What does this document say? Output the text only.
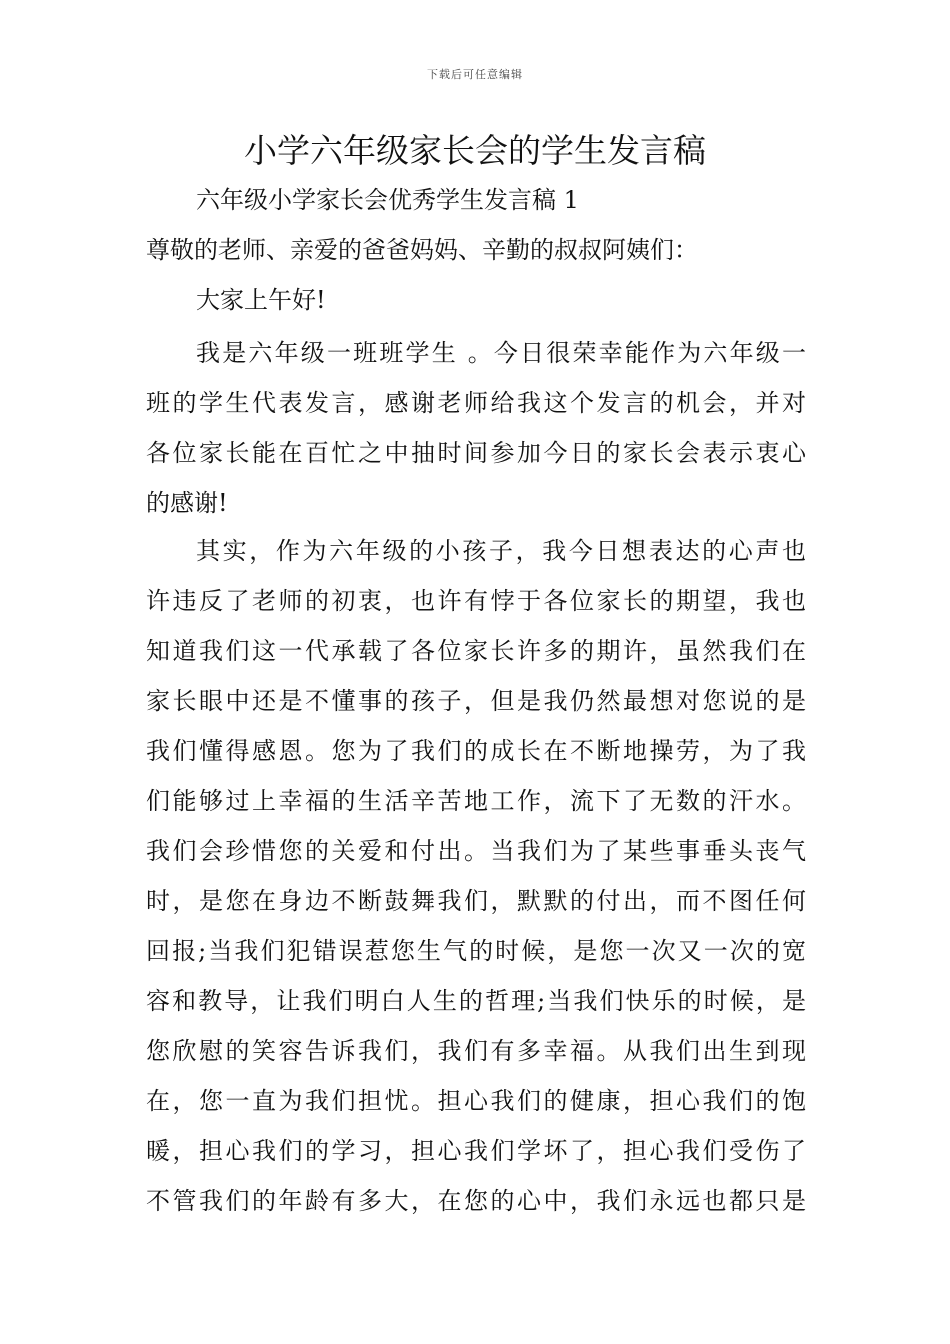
下载后可任意编辑
小学六年级家长会的学生发言稿
六年级小学家长会优秀学生发言稿 1
尊敬的老师、亲爱的爸爸妈妈、辛勤的叔叔阿姨们：
大家上午好!
我是六年级一班班学生 。今日很荣幸能作为六年级一
班的学生代表发言，感谢老师给我这个发言的机会，并对
各位家长能在百忙之中抽时间参加今日的家长会表示衷心
的感谢!
其实，作为六年级的小孩子，我今日想表达的心声也
许违反了老师的初衷，也许有悖于各位家长的期望，我也
知道我们这一代承载了各位家长许多的期许，虽然我们在
家长眼中还是不懂事的孩子，但是我仍然最想对您说的是
我们懂得感恩。您为了我们的成长在不断地操劳，为了我
们能够过上幸福的生活辛苦地工作，流下了无数的汗水。
我们会珍惜您的关爱和付出。当我们为了某些事垂头丧气
时，是您在身边不断鼓舞我们，默默的付出，而不图任何
回报;当我们犯错误惹您生气的时候，是您一次又一次的宽
容和教导，让我们明白人生的哲理;当我们快乐的时候，是
您欣慰的笑容告诉我们，我们有多幸福。从我们出生到现
在，您一直为我们担忧。担心我们的健康，担心我们的饱
暖，担心我们的学习，担心我们学坏了，担心我们受伤了
不管我们的年龄有多大，在您的心中，我们永远也都只是
